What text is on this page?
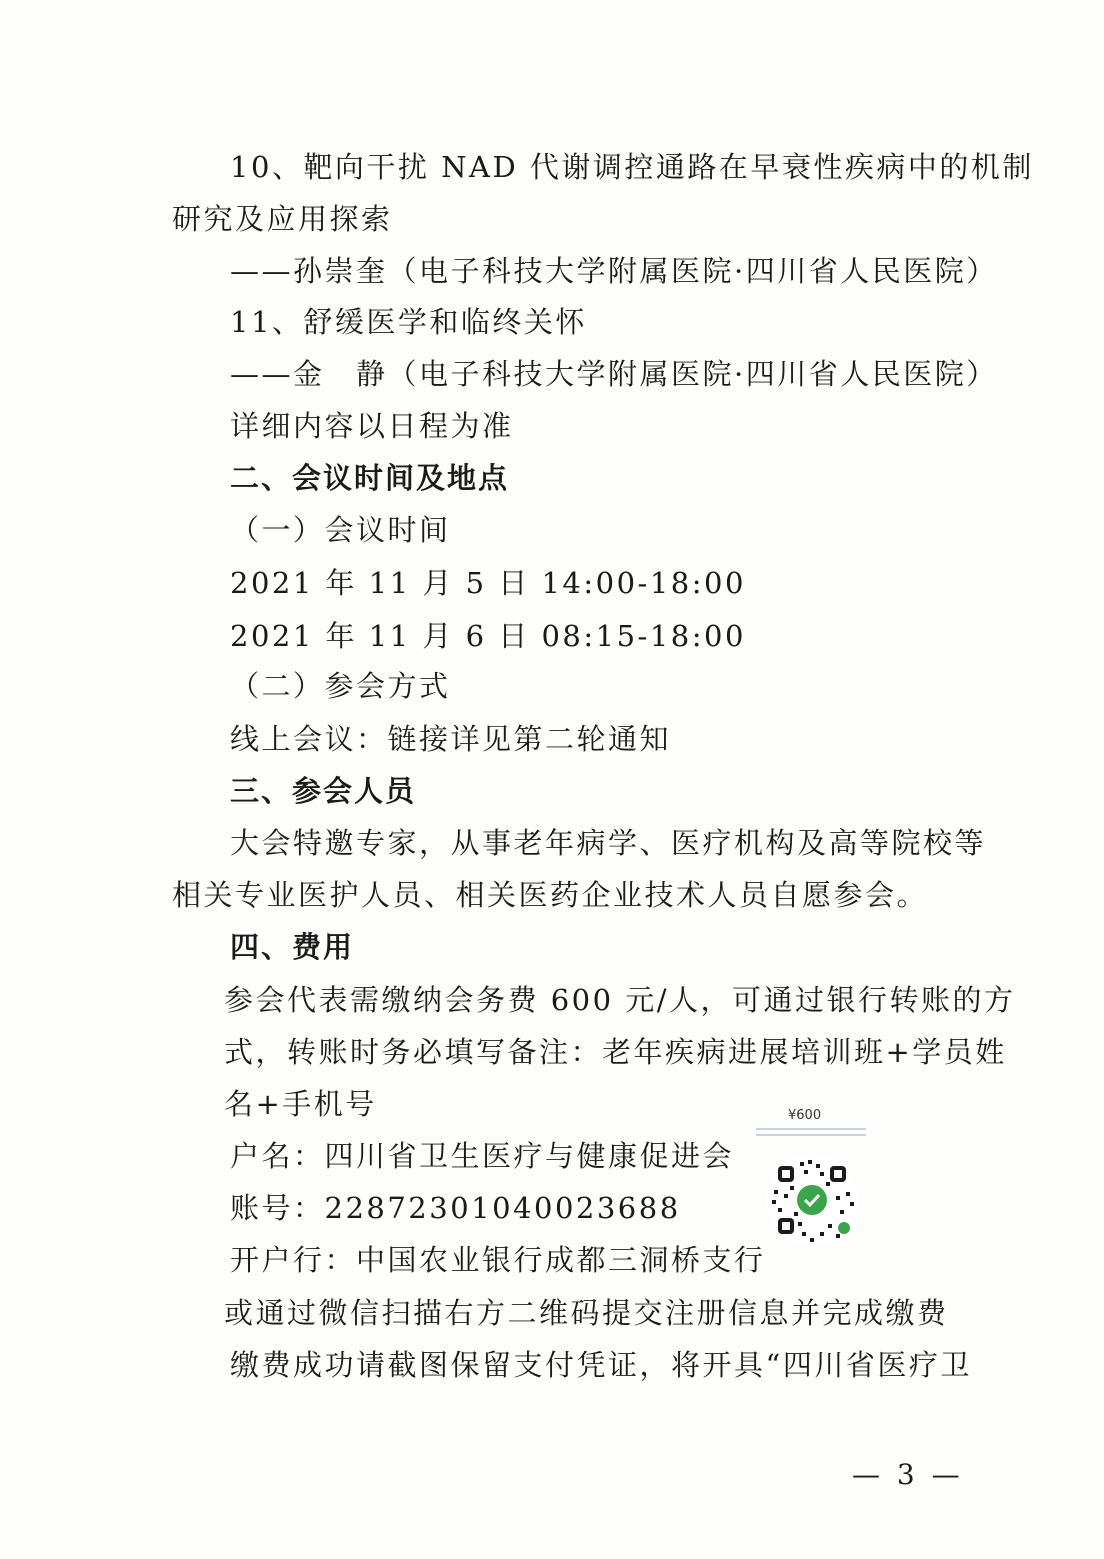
10、靶向干扰 NAD 代谢调控通路在早衰性疾病中的机制
研究及应用探索
——孙崇奎（电子科技大学附属医院·四川省人民医院）
11、舒缓医学和临终关怀
——金　静（电子科技大学附属医院·四川省人民医院）
详细内容以日程为准
二、会议时间及地点
（一）会议时间
2021 年 11 月 5 日 14:00-18:00
2021 年 11 月 6 日 08:15-18:00
（二）参会方式
线上会议：链接详见第二轮通知
三、参会人员
大会特邀专家，从事老年病学、医疗机构及高等院校等
相关专业医护人员、相关医药企业技术人员自愿参会。
四、费用
参会代表需缴纳会务费 600 元/人，可通过银行转账的方
式，转账时务必填写备注：老年疾病进展培训班+学员姓
名+手机号
户名：四川省卫生医疗与健康促进会
账号：22872301040023688
开户行：中国农业银行成都三洞桥支行
或通过微信扫描右方二维码提交注册信息并完成缴费
缴费成功请截图保留支付凭证，将开具“四川省医疗卫
¥600
— 3 —
